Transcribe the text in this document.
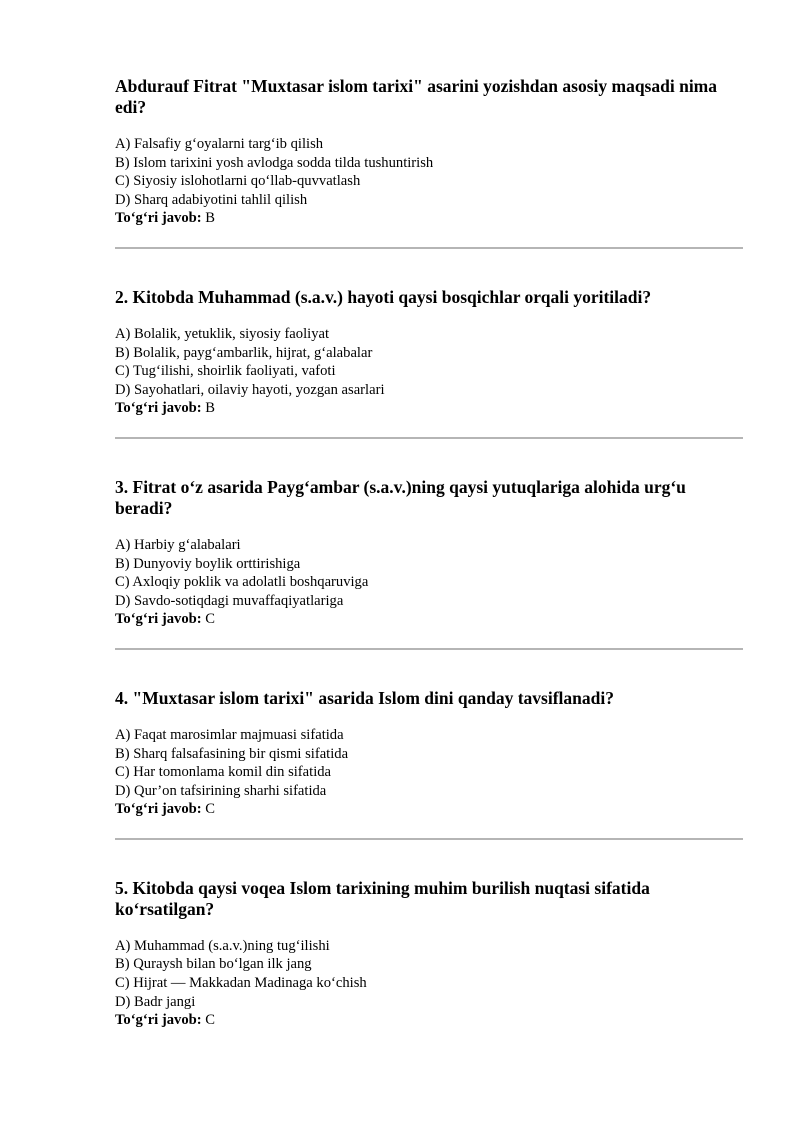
Abdurauf Fitrat "Muxtasar islom tarixi" asarini yozishdan asosiy maqsadi nima edi?

A) Falsafiy g‘oyalarni targ‘ib qilish
B) Islom tarixini yosh avlodga sodda tilda tushuntirish
C) Siyosiy islohotlarni qo‘llab-quvvatlash
D) Sharq adabiyotini tahlil qilish
To‘g‘ri javob: B

2. Kitobda Muhammad (s.a.v.) hayoti qaysi bosqichlar orqali yoritiladi?

A) Bolalik, yetuklik, siyosiy faoliyat
B) Bolalik, payg‘ambarlik, hijrat, g‘alabalar
C) Tug‘ilishi, shoirlik faoliyati, vafoti
D) Sayohatlari, oilaviy hayoti, yozgan asarlari
To‘g‘ri javob: B

3. Fitrat o‘z asarida Payg‘ambar (s.a.v.)ning qaysi yutuqlariga alohida urg‘u beradi?

A) Harbiy g‘alabalari
B) Dunyoviy boylik orttirishiga
C) Axloqiy poklik va adolatli boshqaruviga
D) Savdo-sotiqdagi muvaffaqiyatlariga
To‘g‘ri javob: C

4. "Muxtasar islom tarixi" asarida Islom dini qanday tavsiflanadi?

A) Faqat marosimlar majmuasi sifatida
B) Sharq falsafasining bir qismi sifatida
C) Har tomonlama komil din sifatida
D) Qur’on tafsirining sharhi sifatida
To‘g‘ri javob: C

5. Kitobda qaysi voqea Islom tarixining muhim burilish nuqtasi sifatida ko‘rsatilgan?

A) Muhammad (s.a.v.)ning tug‘ilishi
B) Quraysh bilan bo‘lgan ilk jang
C) Hijrat — Makkadan Madinaga ko‘chish
D) Badr jangi
To‘g‘ri javob: C
